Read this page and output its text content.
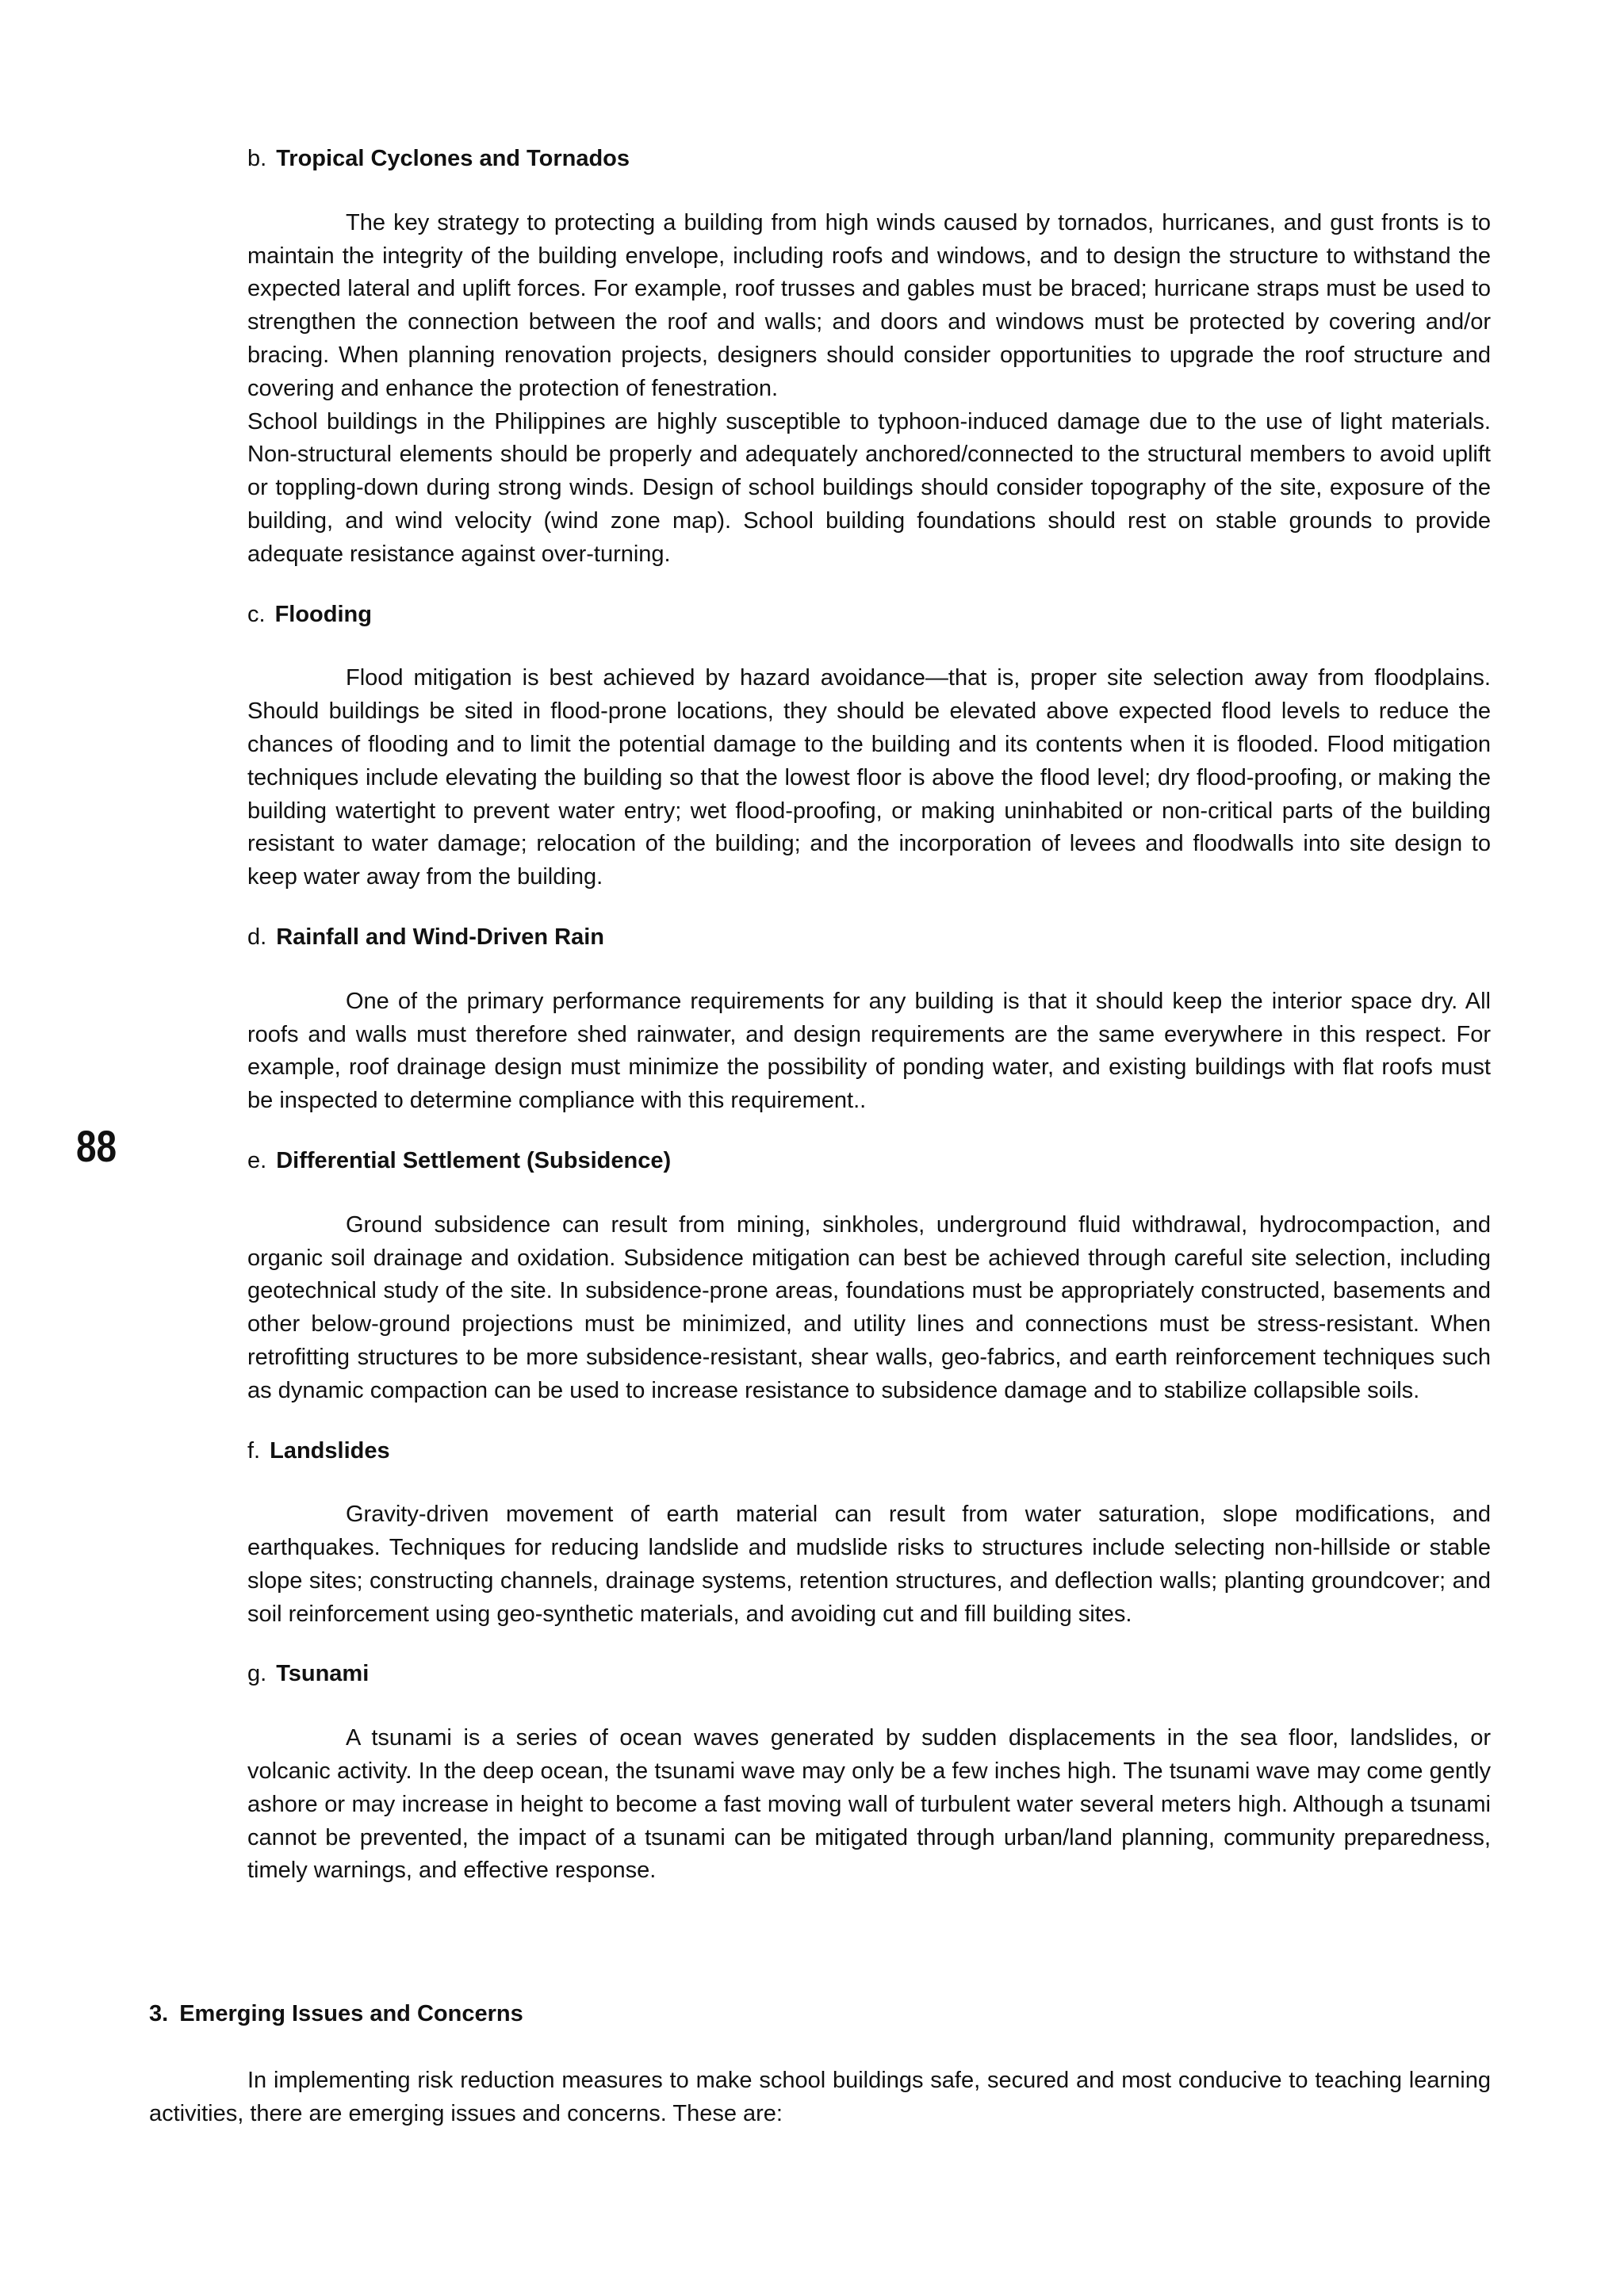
88
b. Tropical Cyclones and Tornados

The key strategy to protecting a building from high winds caused by tornados, hurricanes, and gust fronts is to maintain the integrity of the building envelope, including roofs and windows, and to design the structure to withstand the expected lateral and uplift forces. For example, roof trusses and gables must be braced; hurricane straps must be used to strengthen the connection between the roof and walls; and doors and windows must be protected by covering and/or bracing. When planning renovation projects, designers should consider opportunities to upgrade the roof structure and covering and enhance the protection of fenestration.

School buildings in the Philippines are highly susceptible to typhoon-induced damage due to the use of light materials. Non-structural elements should be properly and adequately anchored/connected to the structural members to avoid uplift or toppling-down during strong winds. Design of school buildings should consider topography of the site, exposure of the building, and wind velocity (wind zone map). School building foundations should rest on stable grounds to provide adequate resistance against over-turning.

c. Flooding

Flood mitigation is best achieved by hazard avoidance—that is, proper site selection away from floodplains. Should buildings be sited in flood-prone locations, they should be elevated above expected flood levels to reduce the chances of flooding and to limit the potential damage to the building and its contents when it is flooded. Flood mitigation techniques include elevating the building so that the lowest floor is above the flood level; dry flood-proofing, or making the building watertight to prevent water entry; wet flood-proofing, or making uninhabited or non-critical parts of the building resistant to water damage; relocation of the building; and the incorporation of levees and floodwalls into site design to keep water away from the building.

d. Rainfall and Wind-Driven Rain

One of the primary performance requirements for any building is that it should keep the interior space dry. All roofs and walls must therefore shed rainwater, and design requirements are the same everywhere in this respect. For example, roof drainage design must minimize the possibility of ponding water, and existing buildings with flat roofs must be inspected to determine compliance with this requirement..

e. Differential Settlement (Subsidence)

Ground subsidence can result from mining, sinkholes, underground fluid withdrawal, hydrocompaction, and organic soil drainage and oxidation. Subsidence mitigation can best be achieved through careful site selection, including geotechnical study of the site. In subsidence-prone areas, foundations must be appropriately constructed, basements and other below-ground projections must be minimized, and utility lines and connections must be stress-resistant. When retrofitting structures to be more subsidence-resistant, shear walls, geo-fabrics, and earth reinforcement techniques such as dynamic compaction can be used to increase resistance to subsidence damage and to stabilize collapsible soils.

f. Landslides

Gravity-driven movement of earth material can result from water saturation, slope modifications, and earthquakes. Techniques for reducing landslide and mudslide risks to structures include selecting non-hillside or stable slope sites; constructing channels, drainage systems, retention structures, and deflection walls; planting groundcover; and soil reinforcement using geo-synthetic materials, and avoiding cut and fill building sites.

g. Tsunami

A tsunami is a series of ocean waves generated by sudden displacements in the sea floor, landslides, or volcanic activity. In the deep ocean, the tsunami wave may only be a few inches high. The tsunami wave may come gently ashore or may increase in height to become a fast moving wall of turbulent water several meters high. Although a tsunami cannot be prevented, the impact of a tsunami can be mitigated through urban/land planning, community preparedness, timely warnings, and effective response.

3. Emerging Issues and Concerns

In implementing risk reduction measures to make school buildings safe, secured and most conducive to teaching learning activities, there are emerging issues and concerns. These are:
